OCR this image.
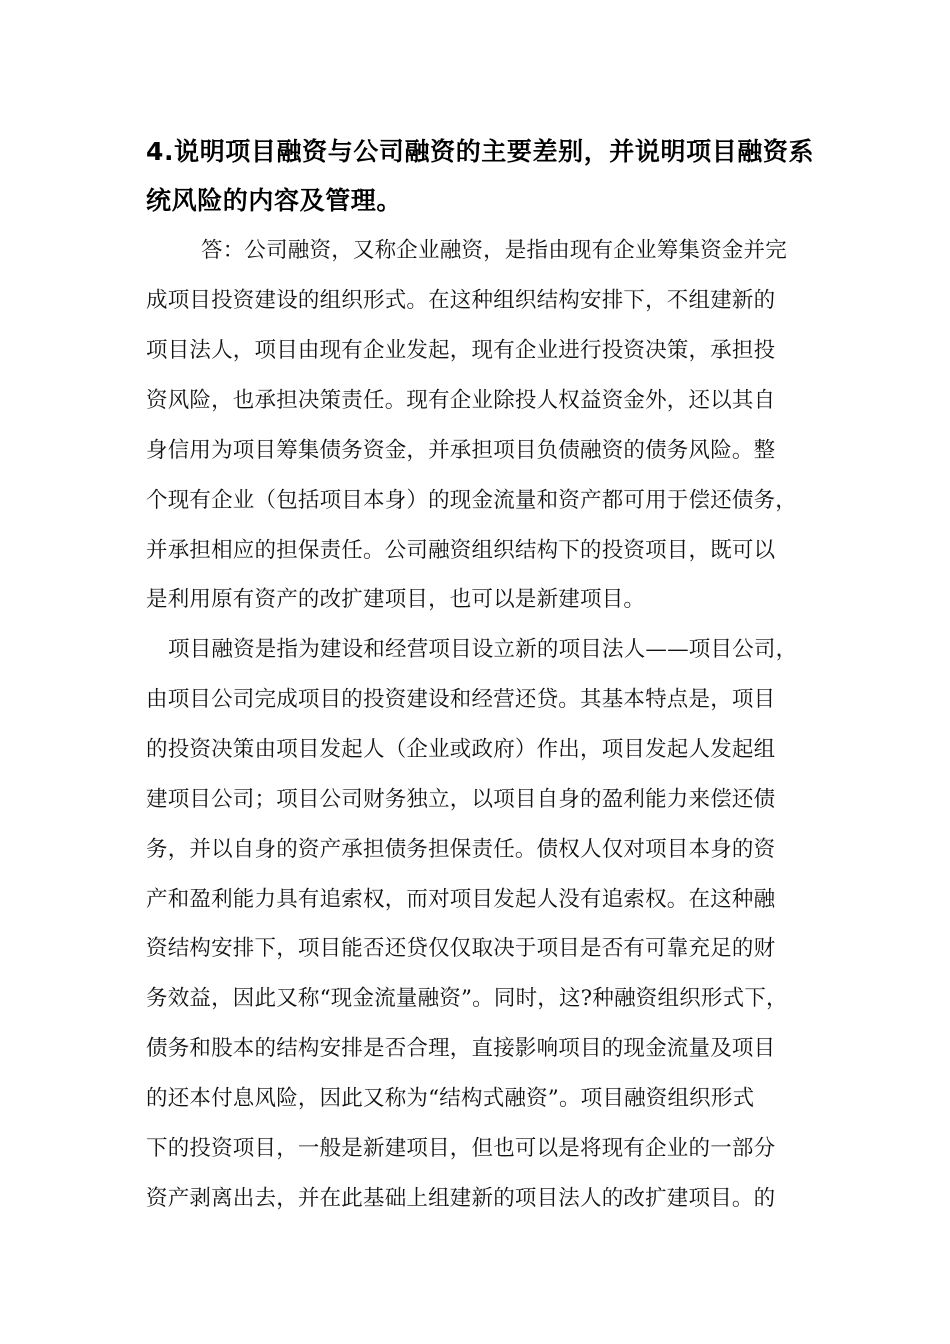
4.说明项目融资与公司融资的主要差别，并说明项目融资系
统风险的内容及管理。
答：公司融资，又称企业融资，是指由现有企业筹集资金并完
成项目投资建设的组织形式。在这种组织结构安排下，不组建新的
项目法人，项目由现有企业发起，现有企业进行投资决策，承担投
资风险，也承担决策责任。现有企业除投人权益资金外，还以其自
身信用为项目筹集债务资金，并承担项目负债融资的债务风险。整
个现有企业（包括项目本身）的现金流量和资产都可用于偿还债务，
并承担相应的担保责任。公司融资组织结构下的投资项目，既可以
是利用原有资产的改扩建项目，也可以是新建项目。
项目融资是指为建设和经营项目设立新的项目法人——项目公司，
由项目公司完成项目的投资建设和经营还贷。其基本特点是，项目
的投资决策由项目发起人（企业或政府）作出，项目发起人发起组
建项目公司；项目公司财务独立，以项目自身的盈利能力来偿还债
务，并以自身的资产承担债务担保责任。债权人仅对项目本身的资
产和盈利能力具有追索权，而对项目发起人没有追索权。在这种融
资结构安排下，项目能否还贷仅仅取决于项目是否有可靠充足的财
务效益，因此又称“现金流量融资”。同时，这?种融资组织形式下，
债务和股本的结构安排是否合理，直接影响项目的现金流量及项目
的还本付息风险，因此又称为“结构式融资”。项目融资组织形式
下的投资项目，一般是新建项目，但也可以是将现有企业的一部分
资产剥离出去，并在此基础上组建新的项目法人的改扩建项目。的
